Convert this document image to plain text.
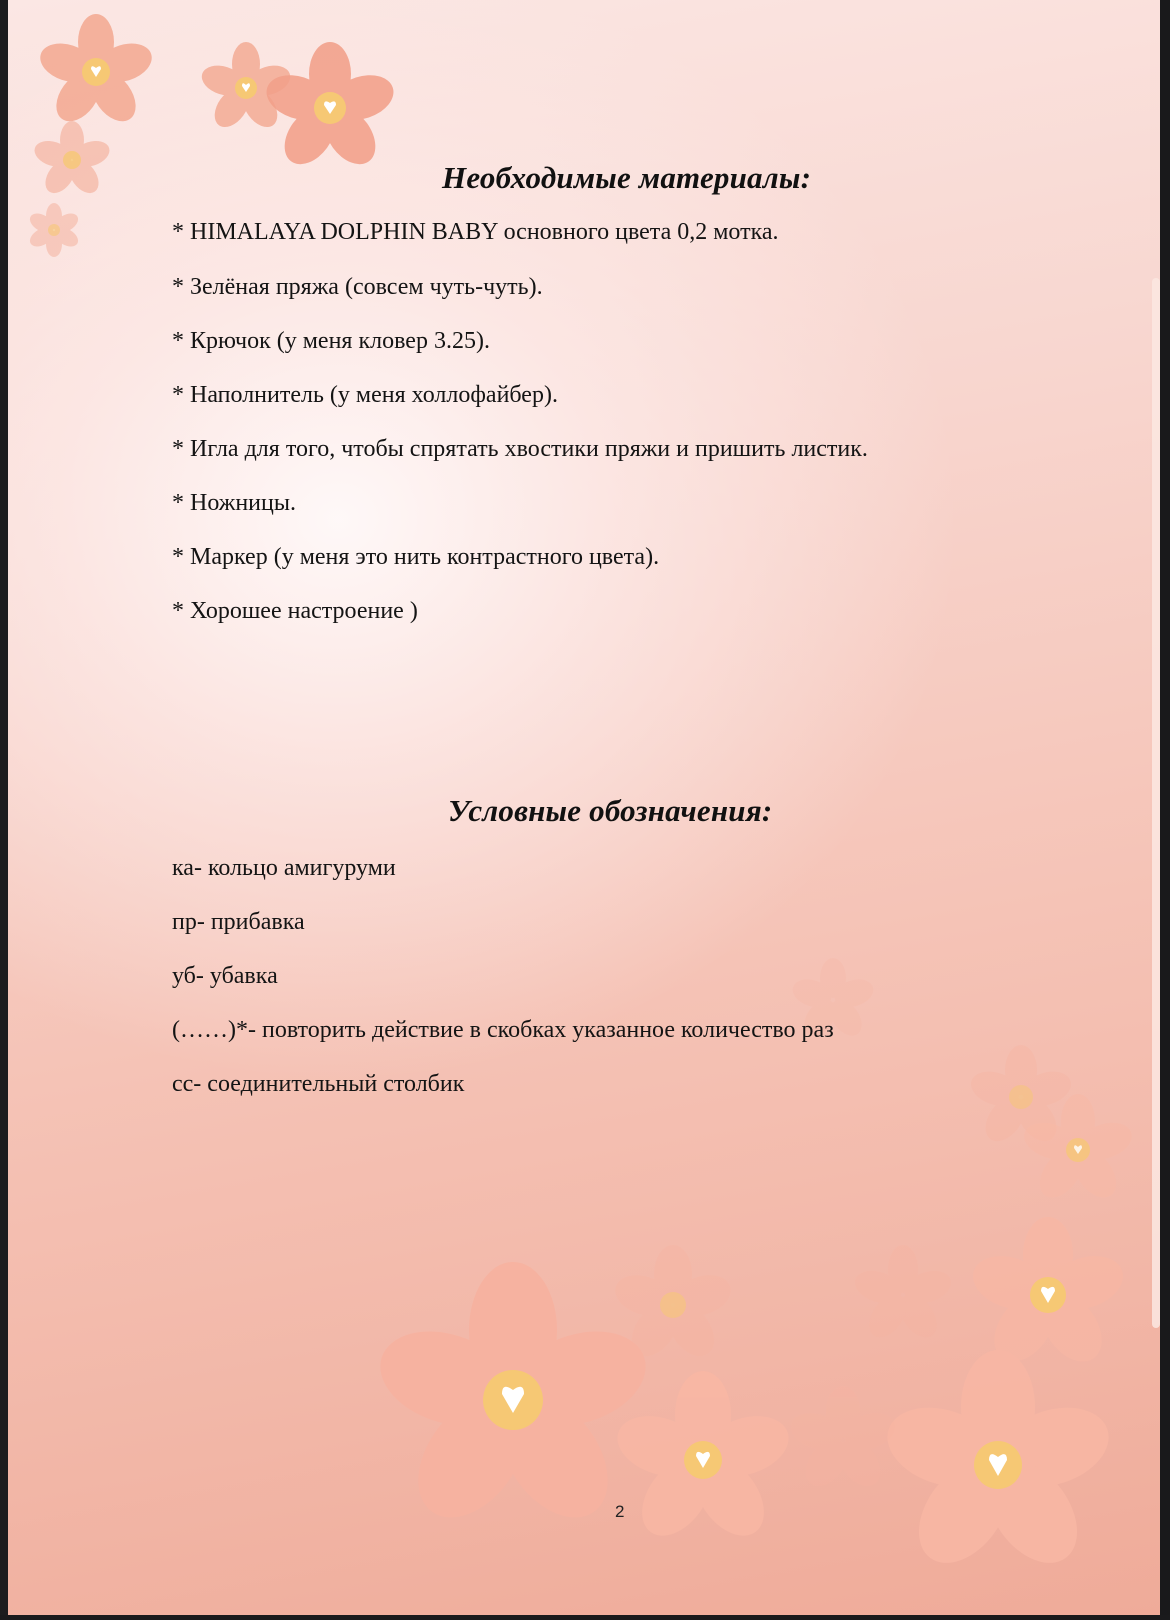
Необходимые материалы:
* HIMALAYA DOLPHIN BABY основного цвета 0,2 мотка.
* Зелёная пряжа (совсем чуть-чуть).
* Крючок (у меня кловер 3.25).
* Наполнитель (у меня холлофайбер).
* Игла для того, чтобы спрятать хвостики пряжи и пришить листик.
* Ножницы.
* Маркер (у меня это нить контрастного цвета).
* Хорошее настроение )
Условные обозначения:
ка- кольцо амигуруми
пр- прибавка
уб- убавка
(……)*- повторить действие в скобках указанное количество раз
сс- соединительный столбик
2
